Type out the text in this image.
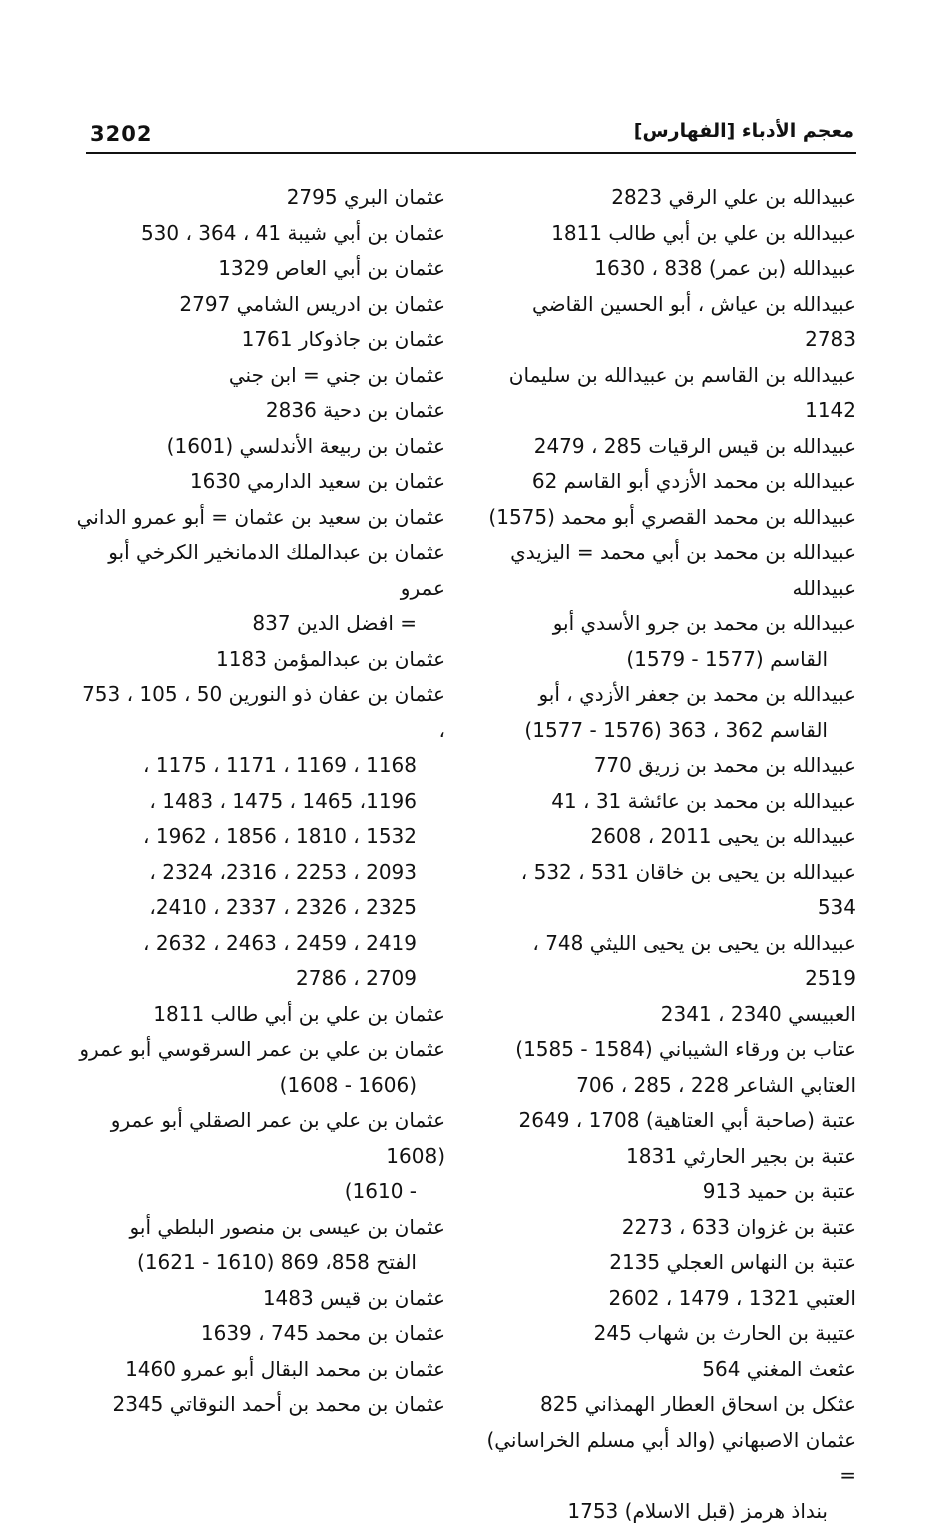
3202	معجم الأدباء [الفهارس]
عبيدالله بن علي الرقي 2823
عبيدالله بن علي بن أبي طالب 1811
عبيدالله (بن عمر) 838 ، 1630
عبيدالله بن عياش ، أبو الحسين القاضي 2783
عبيدالله بن القاسم بن عبيدالله بن سليمان 1142
عبيدالله بن قيس الرقيات 285 ، 2479
عبيدالله بن محمد الأزدي أبو القاسم 62
عبيدالله بن محمد القصري أبو محمد (1575)
عبيدالله بن محمد بن أبي محمد = اليزيدي عبيدالله
عبيدالله بن محمد بن جرو الأسدي أبو
القاسم (1577 - 1579)
عبيدالله بن محمد بن جعفر الأزدي ، أبو
القاسم 362 ، 363 (1576 - 1577)
عبيدالله بن محمد بن زريق 770
عبيدالله بن محمد بن عائشة 31 ، 41
عبيدالله بن يحيى 2011 ، 2608
عبيدالله بن يحيى بن خاقان 531 ، 532 ، 534
عبيدالله بن يحيى بن يحيى الليثي 748 ، 2519
العبيسي 2340 ، 2341
عتاب بن ورقاء الشيباني (1584 - 1585)
العتابي الشاعر 228 ، 285 ، 706
عتبة (صاحبة أبي العتاهية) 1708 ، 2649
عتبة بن بجير الحارثي 1831
عتبة بن حميد 913
عتبة بن غزوان 633 ، 2273
عتبة بن النهاس العجلي 2135
العتبي 1321 ، 1479 ، 2602
عتيبة بن الحارث بن شهاب 245
عثعث المغني 564
عثكل بن اسحاق العطار الهمذاني 825
عثمان الاصبهاني (والد أبي مسلم الخراساني) =
بنداذ هرمز (قبل الاسلام) 1753
عثمان البري 2795
عثمان بن أبي شيبة 41 ، 364 ، 530
عثمان بن أبي العاص 1329
عثمان بن ادريس الشامي 2797
عثمان بن جاذوكار 1761
عثمان بن جني = ابن جني
عثمان بن دحية 2836
عثمان بن ربيعة الأندلسي (1601)
عثمان بن سعيد الدارمي 1630
عثمان بن سعيد بن عثمان = أبو عمرو الداني
عثمان بن عبدالملك الدمانخير الكرخي أبو عمرو
= افضل الدين 837
عثمان بن عبدالمؤمن 1183
عثمان بن عفان ذو النورين 50 ، 105 ، 753 ،
1168 ، 1169 ، 1171 ، 1175 ،
1196، 1465 ، 1475 ، 1483 ،
1532 ، 1810 ، 1856 ، 1962 ،
2093 ، 2253 ، 2316، 2324 ،
2325 ، 2326 ، 2337 ، 2410،
2419 ، 2459 ، 2463 ، 2632 ،
2709 ، 2786
عثمان بن علي بن أبي طالب 1811
عثمان بن علي بن عمر السرقوسي أبو عمرو
(1606 - 1608)
عثمان بن علي بن عمر الصقلي أبو عمرو (1608
- 1610)
عثمان بن عيسى بن منصور البلطي أبو
الفتح 858، 869 (1610 - 1621)
عثمان بن قيس 1483
عثمان بن محمد 745 ، 1639
عثمان بن محمد البقال أبو عمرو 1460
عثمان بن محمد بن أحمد النوقاتي 2345
